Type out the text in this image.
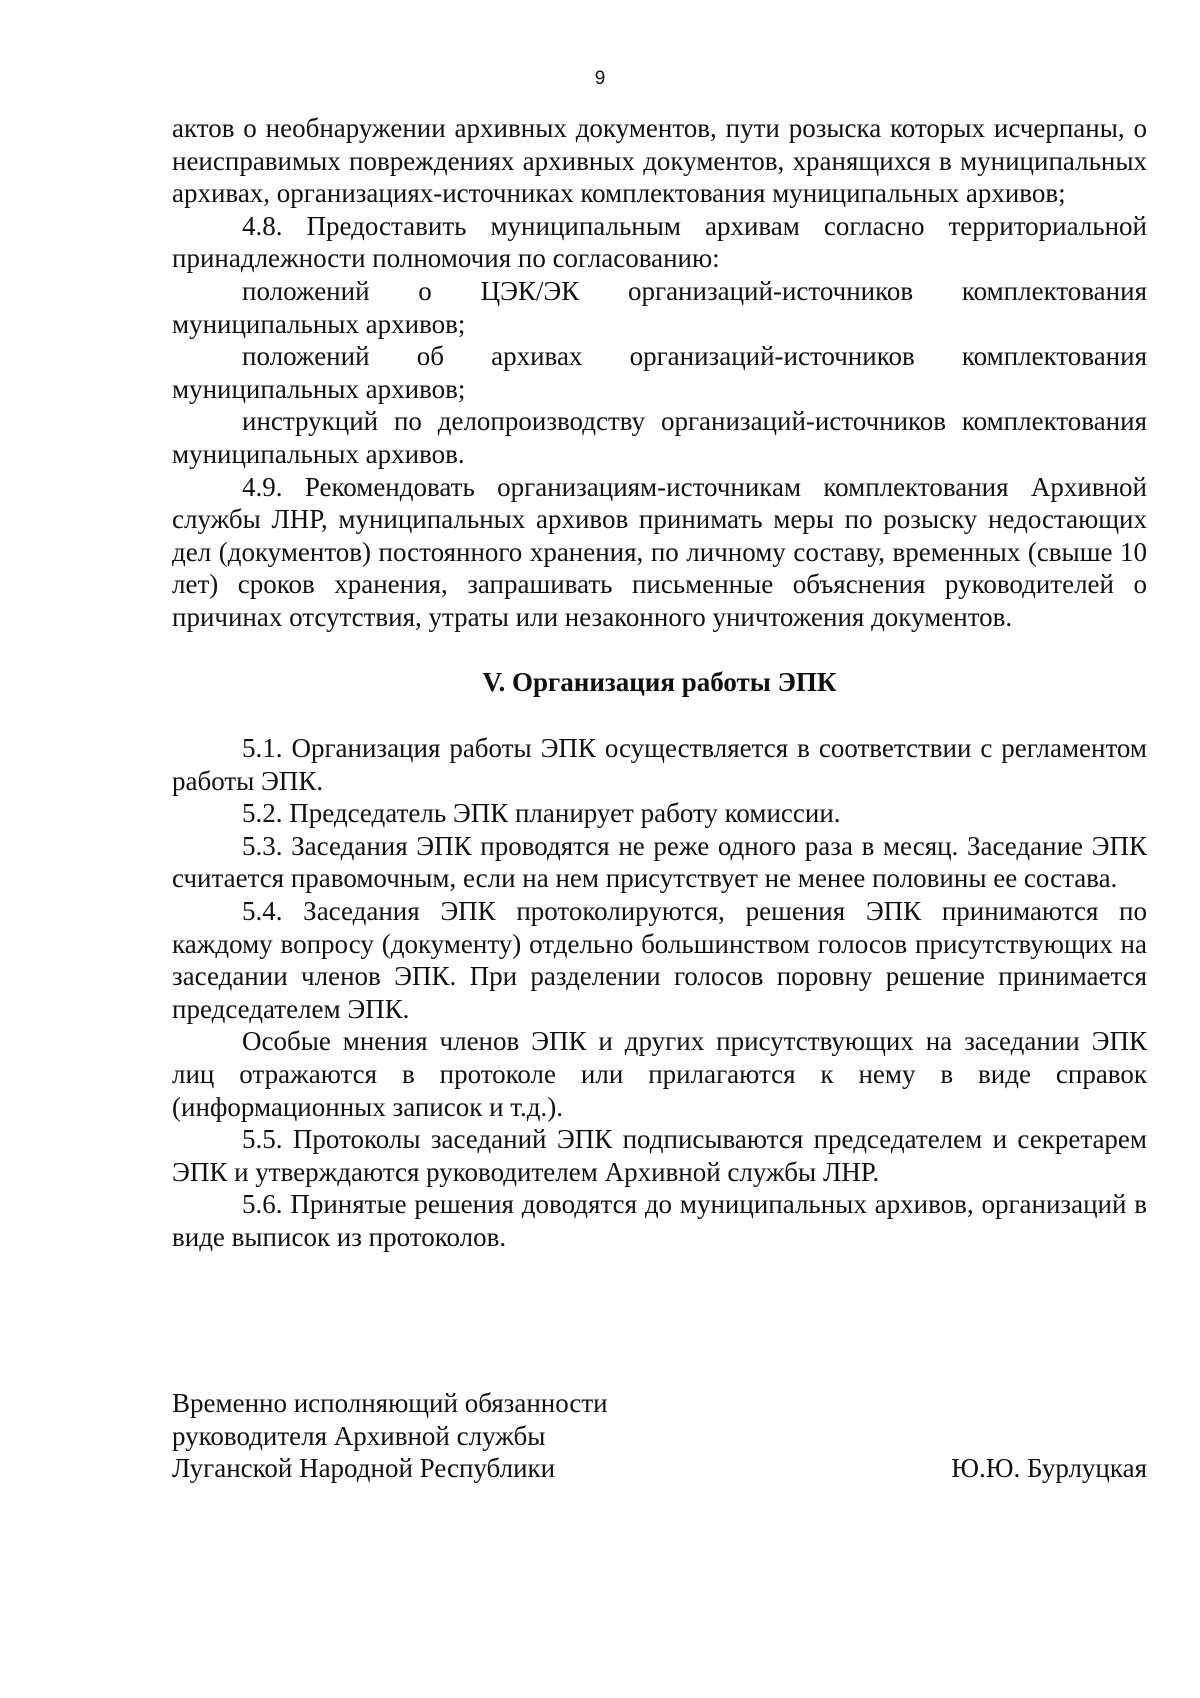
9

актов о необнаружении архивных документов, пути розыска которых исчерпаны, о неисправимых повреждениях архивных документов, хранящихся в муниципальных архивах, организациях-источниках комплектования муниципальных архивов;

4.8. Предоставить муниципальным архивам согласно территориальной принадлежности полномочия по согласованию:

положений о ЦЭК/ЭК организаций-источников комплектования муниципальных архивов;

положений об архивах организаций-источников комплектования муниципальных архивов;

инструкций по делопроизводству организаций-источников комплектования муниципальных архивов.

4.9. Рекомендовать организациям-источникам комплектования Архивной службы ЛНР, муниципальных архивов принимать меры по розыску недостающих дел (документов) постоянного хранения, по личному составу, временных (свыше 10 лет) сроков хранения, запрашивать письменные объяснения руководителей о причинах отсутствия, утраты или незаконного уничтожения документов.

V. Организация работы ЭПК

5.1. Организация работы ЭПК осуществляется в соответствии с регламентом работы ЭПК.

5.2. Председатель ЭПК планирует работу комиссии.

5.3. Заседания ЭПК проводятся не реже одного раза в месяц. Заседание ЭПК считается правомочным, если на нем присутствует не менее половины ее состава.

5.4. Заседания ЭПК протоколируются, решения ЭПК принимаются по каждому вопросу (документу) отдельно большинством голосов присутствующих на заседании членов ЭПК. При разделении голосов поровну решение принимается председателем ЭПК.

Особые мнения членов ЭПК и других присутствующих на заседании ЭПК лиц отражаются в протоколе или прилагаются к нему в виде справок (информационных записок и т.д.).

5.5. Протоколы заседаний ЭПК подписываются председателем и секретарем ЭПК и утверждаются руководителем Архивной службы ЛНР.

5.6. Принятые решения доводятся до муниципальных архивов, организаций в виде выписок из протоколов.

Временно исполняющий обязанности
руководителя Архивной службы
Луганской Народной Республики	Ю.Ю. Бурлуцкая
